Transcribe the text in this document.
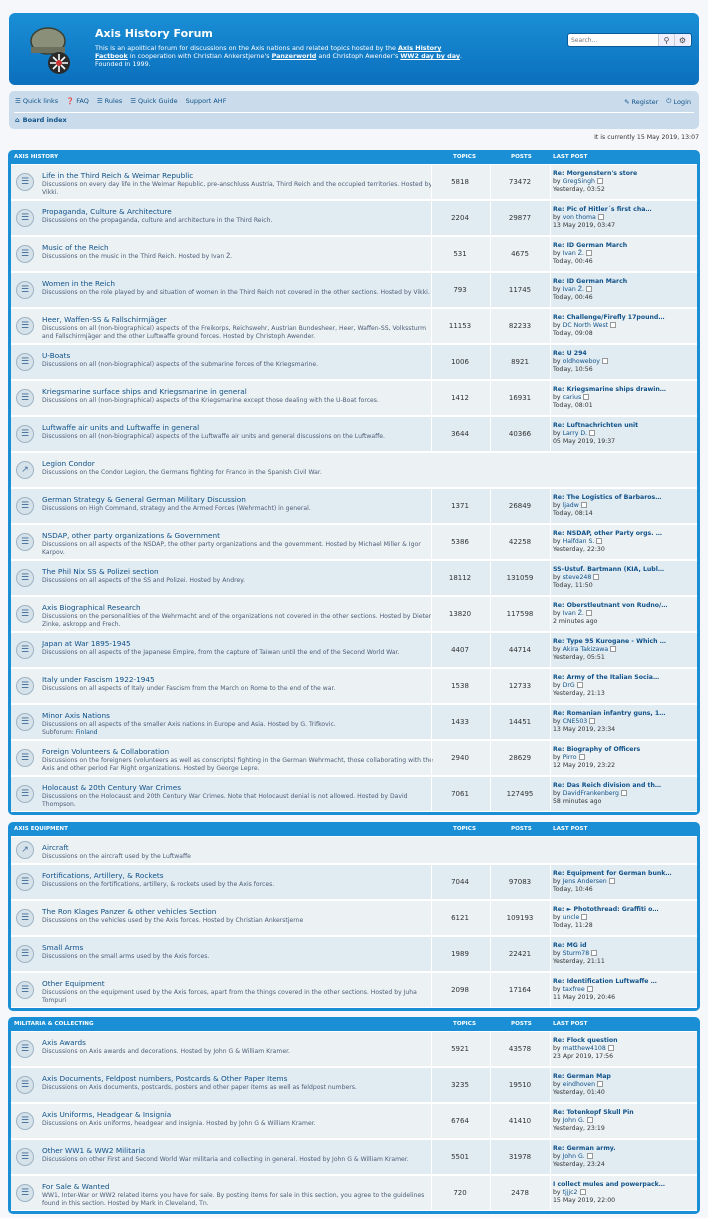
Axis History Forum
This is an apolitical forum for discussions on the Axis nations and related topics hosted by the Axis History Factbook in cooperation with Christian Ankerstjerne's Panzerworld and Christoph Awender's WW2 day by day.
Founded in 1999.
Search…
⚲	⚙
☰ Quick links ❓ FAQ ☰ Rules ☰ Quick Guide Support AHF	✎ Register ⏻ Login
⌂ Board index
It is currently 15 May 2019, 13:07
AXIS HISTORY	TOPICS	POSTS	LAST POST
☰
Life in the Third Reich & Weimar Republic
Discussions on every day life in the Weimar Republic, pre-anschluss Austria, Third Reich and the occupied territories. Hosted by Vikki.
5818	73472
Re: Morgenstern's store
by GregSingh
Yesterday, 03:52
☰
Propaganda, Culture & Architecture
Discussions on the propaganda, culture and architecture in the Third Reich.	2204	29877
Re: Pic of Hitler´s first cha…
by von thoma
13 May 2019, 03:47
☰
Music of the Reich
Discussions on the music in the Third Reich. Hosted by Ivan Ž.	531	4675
Re: ID German March
by Ivan Ž.
Today, 00:46
☰
Women in the Reich
Discussions on the role played by and situation of women in the Third Reich not covered in the other sections. Hosted by Vikki.	793	11745
Re: ID German March
by Ivan Ž.
Today, 00:46
☰
Heer, Waffen-SS & Fallschirmjäger
Discussions on all (non-biographical) aspects of the Freikorps, Reichswehr, Austrian Bundesheer, Heer, Waffen-SS, Volkssturm and Fallschirmjäger and the other Luftwaffe ground forces. Hosted by Christoph Awender.
11153	82233
Re: Challenge/Firefly 17pound…
by DC North West
Today, 09:08
☰
U-Boats
Discussions on all (non-biographical) aspects of the submarine forces of the Kriegsmarine.	1006	8921
Re: U 294
by oldhoweboy
Today, 10:56
☰
Kriegsmarine surface ships and Kriegsmarine in general
Discussions on all (non-biographical) aspects of the Kriegsmarine except those dealing with the U-Boat forces.	1412	16931
Re: Kriegsmarine ships drawin…
by carius
Today, 08:01
☰
Luftwaffe air units and Luftwaffe in general
Discussions on all (non-biographical) aspects of the Luftwaffe air units and general discussions on the Luftwaffe.	3644	40366
Re: Luftnachrichten unit
by Larry D.
05 May 2019, 19:37
↗
Legion Condor
Discussions on the Condor Legion, the Germans fighting for Franco in the Spanish Civil War.
☰
German Strategy & General German Military Discussion
Discussions on High Command, strategy and the Armed Forces (Wehrmacht) in general.	1371	26849
Re: The Logistics of Barbaros…
by ljadw
Today, 08:14
☰
NSDAP, other party organizations & Government
Discussions on all aspects of the NSDAP, the other party organizations and the government. Hosted by Michael Miller & Igor Karpov.
5386	42258
Re: NSDAP, other Party orgs. …
by Halfdan S.
Yesterday, 22:30
☰
The Phil Nix SS & Polizei section
Discussions on all aspects of the SS and Polizei. Hosted by Andrey.	18112	131059
SS-Ustuf. Bartmann (KIA, Lubl…
by steve248
Today, 11:50
☰
Axis Biographical Research
Discussions on the personalities of the Wehrmacht and of the organizations not covered in the other sections. Hosted by Dieter Zinke, askropp and Frech.
13820	117598
Re: Oberstleutnant von Rudno/…
by Ivan Ž.
2 minutes ago
☰
Japan at War 1895-1945
Discussions on all aspects of the Japanese Empire, from the capture of Taiwan until the end of the Second World War.	4407	44714
Re: Type 95 Kurogane - Which …
by Akira Takizawa
Yesterday, 05:51
☰
Italy under Fascism 1922-1945
Discussions on all aspects of Italy under Fascism from the March on Rome to the end of the war.	1538	12733
Re: Army of the Italian Socia…
by DrG
Yesterday, 21:13
☰
Minor Axis Nations
Discussions on all aspects of the smaller Axis nations in Europe and Asia. Hosted by G. Trifkovic.
Subforum: Finland
1433	14451
Re: Romanian infantry guns, 1…
by CNE503
13 May 2019, 23:34
☰
Foreign Volunteers & Collaboration
Discussions on the foreigners (volunteers as well as conscripts) fighting in the German Wehrmacht, those collaborating with the Axis and other period Far Right organizations. Hosted by George Lepre.
2940	28629
Re: Biography of Officers
by Pirro
12 May 2019, 23:22
☰
Holocaust & 20th Century War Crimes
Discussions on the Holocaust and 20th Century War Crimes. Note that Holocaust denial is not allowed. Hosted by David Thompson.
7061	127495
Re: Das Reich division and th…
by DavidFrankenberg
58 minutes ago
AXIS EQUIPMENT	TOPICS	POSTS	LAST POST
↗	Aircraft
Discussions on the aircraft used by the Luftwaffe
☰
Fortifications, Artillery, & Rockets
Discussions on the fortifications, artillery, & rockets used by the Axis forces.	7044	97083
Re: Equipment for German bunk…
by Jens Andersen
Today, 10:46
☰
The Ron Klages Panzer & other vehicles Section
Discussions on the vehicles used by the Axis forces. Hosted by Christian Ankerstjerne	6121	109193
Re: ► Photothread: Graffiti o…
by uncle
Today, 11:28
☰
Small Arms
Discussions on the small arms used by the Axis forces.	1989	22421
Re: MG id
by Sturm78
Yesterday, 21:11
☰
Other Equipment
Discussions on the equipment used by the Axis forces, apart from the things covered in the other sections. Hosted by Juha Tompuri
2098	17164
Re: Identification Luftwaffe …
by taxfree
11 May 2019, 20:46
MILITARIA & COLLECTING	TOPICS	POSTS	LAST POST
☰
Axis Awards
Discussions on Axis awards and decorations. Hosted by John G & William Kramer.	5921	43578
Re: Flock question
by matthew4108
23 Apr 2019, 17:56
☰
Axis Documents, Feldpost numbers, Postcards & Other Paper Items
Discussions on Axis documents, postcards, posters and other paper items as well as feldpost numbers.	3235	19510
Re: German Map
by eindhoven
Yesterday, 01:40
☰
Axis Uniforms, Headgear & Insignia
Discussions on Axis uniforms, headgear and insignia. Hosted by John G & William Kramer.	6764	41410
Re: Totenkopf Skull Pin
by John G.
Yesterday, 23:19
☰
Other WW1 & WW2 Militaria
Discussions on other First and Second World War militaria and collecting in general. Hosted by John G & William Kramer.	5501	31978
Re: German army.
by John G.
Yesterday, 23:24
☰
For Sale & Wanted
WW1, Inter-War or WW2 related items you have for sale. By posting items for sale in this section, you agree to the guidelines found in this section. Hosted by Mark in Cleveland, Tn.
720	2478
I collect mules and powerpack…
by tjjjc2
15 May 2019, 22:00
